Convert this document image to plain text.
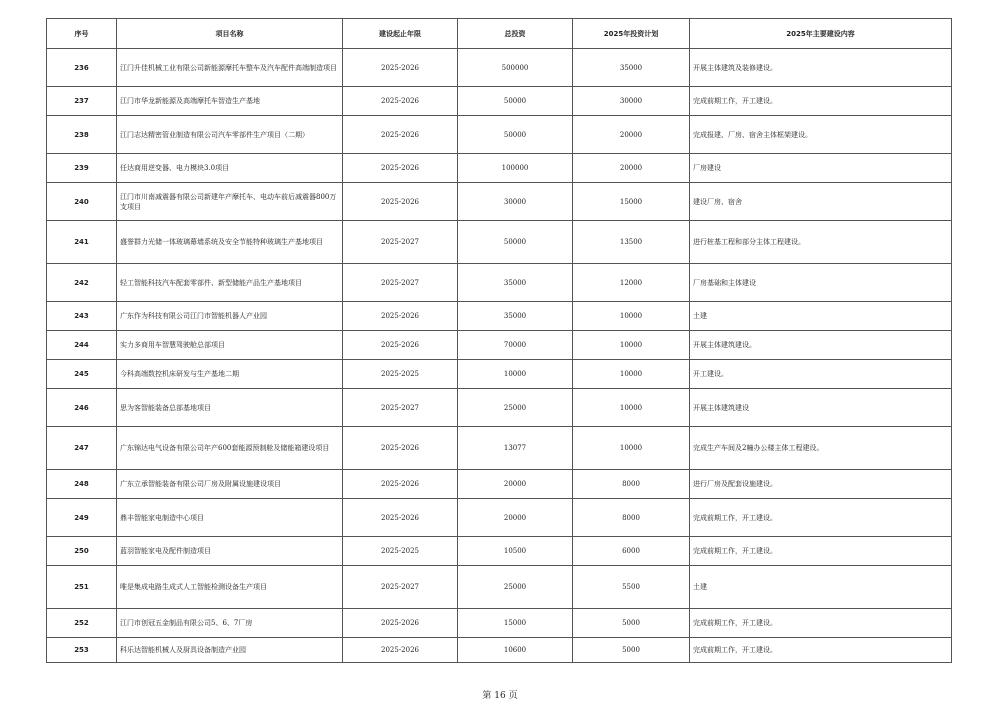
序号	项目名称	建设起止年限	总投资	2025年投资计划	2025年主要建设内容
236	江门升佳机械工业有限公司新能源摩托车整车及汽车配件高端制造项目	2025-2026	500000	35000	开展主体建筑及装修建设。
237	江门市华龙新能源及高端摩托车智造生产基地	2025-2026	50000	30000	完成前期工作，开工建设。
238	江门志达精密管业制造有限公司汽车零部件生产项目（二期）	2025-2026	50000	20000	完成报建、厂房、宿舍主体框架建设。
239	任达商用逆变器、电力模块3.0项目	2025-2026	100000	20000	厂房建设
240	江门市川南减震器有限公司新建年产摩托车、电动车前后减震器800万支项目	2025-2026	30000	15000	建设厂房、宿舍
241	盛誉群力光储一体玻璃幕墙系统及安全节能特种玻璃生产基地项目	2025-2027	50000	13500	进行桩基工程和部分主体工程建设。
242	轻工智能科技汽车配套零部件、新型储能产品生产基地项目	2025-2027	35000	12000	厂房基础和主体建设
243	广东作为科技有限公司江门市智能机器人产业园	2025-2026	35000	10000	土建
244	实力多商用车智慧驾驶舱总部项目	2025-2026	70000	10000	开展主体建筑建设。
245	今科高端数控机床研发与生产基地二期	2025-2025	10000	10000	开工建设。
246	思为客智能装备总部基地项目	2025-2027	25000	10000	开展主体建筑建设
247	广东锦达电气设备有限公司年产600套能源预制舱及储能箱建设项目	2025-2026	13077	10000	完成生产车间及2幢办公楼主体工程建设。
248	广东立承智能装备有限公司厂房及附属设施建设项目	2025-2026	20000	8000	进行厂房及配套设施建设。
249	鼎丰智能家电制造中心项目	2025-2026	20000	8000	完成前期工作，开工建设。
250	蓝羽智能家电及配件制造项目	2025-2025	10500	6000	完成前期工作，开工建设。
251	唯是集成电路生成式人工智能检测设备生产项目	2025-2027	25000	5500	土建
252	江门市创冠五金制品有限公司5、6、7厂房	2025-2026	15000	5000	完成前期工作，开工建设。
253	科乐达智能机械人及厨具设备制造产业园	2025-2026	10600	5000	完成前期工作，开工建设。
第 16 页
